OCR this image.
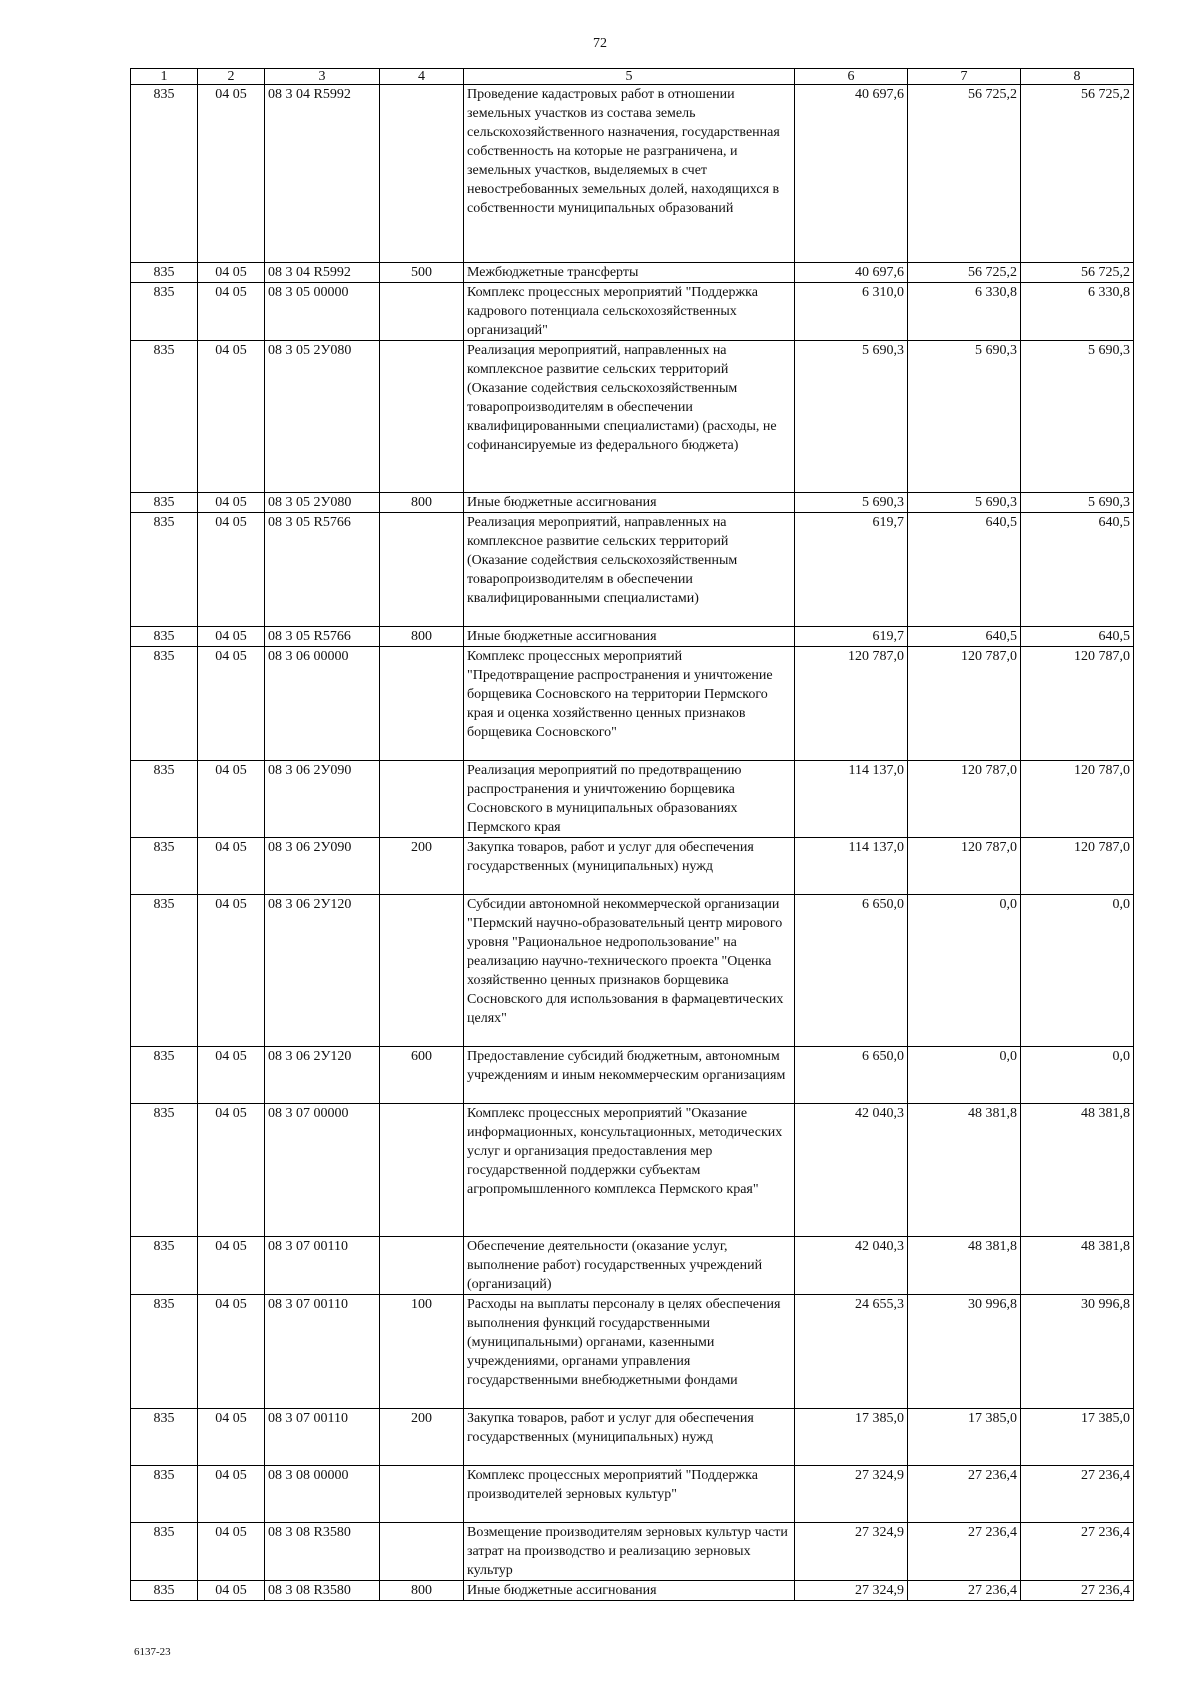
72
1	2	3	4	5	6	7	8
835	04 05	08 3 04 R5992		Проведение кадастровых работ в отношении земельных участков из состава земель сельскохозяйственного назначения, государственная собственность на которые не разграничена, и земельных участков, выделяемых в счет невостребованных земельных долей, находящихся в собственности муниципальных образований	40 697,6	56 725,2	56 725,2
835	04 05	08 3 04 R5992	500	Межбюджетные трансферты	40 697,6	56 725,2	56 725,2
835	04 05	08 3 05 00000		Комплекс процессных мероприятий "Поддержка кадрового потенциала сельскохозяйственных организаций"	6 310,0	6 330,8	6 330,8
835	04 05	08 3 05 2У080		Реализация мероприятий, направленных на комплексное развитие сельских территорий (Оказание содействия сельскохозяйственным товаропроизводителям в обеспечении квалифицированными специалистами) (расходы, не софинансируемые из федерального бюджета)	5 690,3	5 690,3	5 690,3
835	04 05	08 3 05 2У080	800	Иные бюджетные ассигнования	5 690,3	5 690,3	5 690,3
835	04 05	08 3 05 R5766		Реализация мероприятий, направленных на комплексное развитие сельских территорий (Оказание содействия сельскохозяйственным товаропроизводителям в обеспечении квалифицированными специалистами)	619,7	640,5	640,5
835	04 05	08 3 05 R5766	800	Иные бюджетные ассигнования	619,7	640,5	640,5
835	04 05	08 3 06 00000		Комплекс процессных мероприятий "Предотвращение распространения и уничтожение борщевика Сосновского на территории Пермского края и оценка хозяйственно ценных признаков борщевика Сосновского"	120 787,0	120 787,0	120 787,0
835	04 05	08 3 06 2У090		Реализация мероприятий по предотвращению распространения и уничтожению борщевика Сосновского в муниципальных образованиях Пермского края	114 137,0	120 787,0	120 787,0
835	04 05	08 3 06 2У090	200	Закупка товаров, работ и услуг для обеспечения государственных (муниципальных) нужд	114 137,0	120 787,0	120 787,0
835	04 05	08 3 06 2У120		Субсидии автономной некоммерческой организации "Пермский научно-образовательный центр мирового уровня "Рациональное недропользование" на реализацию научно-технического проекта "Оценка хозяйственно ценных признаков борщевика Сосновского для использования в фармацевтических целях"	6 650,0	0,0	0,0
835	04 05	08 3 06 2У120	600	Предоставление субсидий бюджетным, автономным учреждениям и иным некоммерческим организациям	6 650,0	0,0	0,0
835	04 05	08 3 07 00000		Комплекс процессных мероприятий "Оказание информационных, консультационных, методических услуг и организация предоставления мер государственной поддержки субъектам агропромышленного комплекса Пермского края"	42 040,3	48 381,8	48 381,8
835	04 05	08 3 07 00110		Обеспечение деятельности (оказание услуг, выполнение работ) государственных учреждений (организаций)	42 040,3	48 381,8	48 381,8
835	04 05	08 3 07 00110	100	Расходы на выплаты персоналу в целях обеспечения выполнения функций государственными (муниципальными) органами, казенными учреждениями, органами управления государственными внебюджетными фондами	24 655,3	30 996,8	30 996,8
835	04 05	08 3 07 00110	200	Закупка товаров, работ и услуг для обеспечения государственных (муниципальных) нужд	17 385,0	17 385,0	17 385,0
835	04 05	08 3 08 00000		Комплекс процессных мероприятий "Поддержка производителей зерновых культур"	27 324,9	27 236,4	27 236,4
835	04 05	08 3 08 R3580		Возмещение производителям зерновых культур части затрат на производство и реализацию зерновых культур	27 324,9	27 236,4	27 236,4
835	04 05	08 3 08 R3580	800	Иные бюджетные ассигнования	27 324,9	27 236,4	27 236,4
6137-23
